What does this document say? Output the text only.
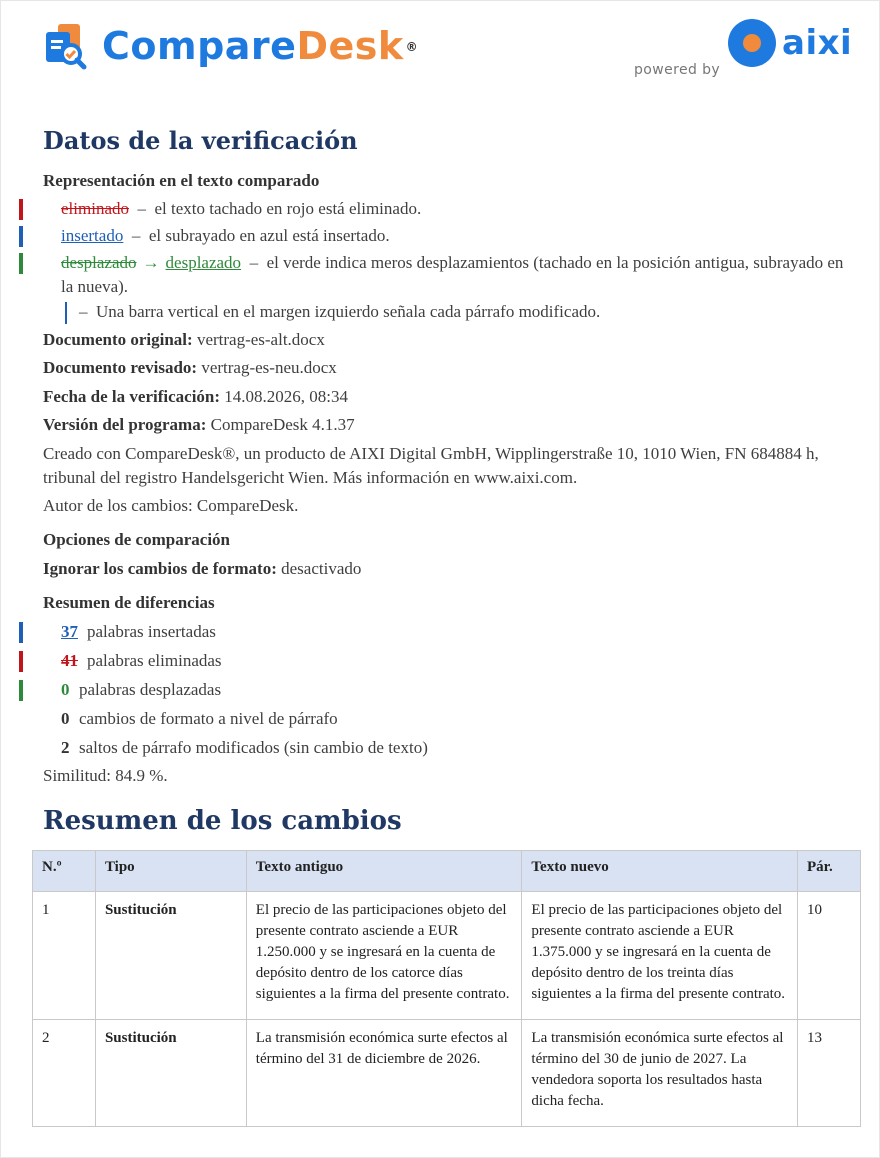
CompareDesk ®
powered by
aixi
Datos de la verificación
Representación en el texto comparado
eliminado – el texto tachado en rojo está eliminado.
insertado – el subrayado en azul está insertado.
desplazado → desplazado – el verde indica meros desplazamientos (tachado en la posición antigua, subrayado en la nueva).
– Una barra vertical en el margen izquierdo señala cada párrafo modificado.
Documento original: vertrag-es-alt.docx
Documento revisado: vertrag-es-neu.docx
Fecha de la verificación: 14.08.2026, 08:34
Versión del programa: CompareDesk 4.1.37
Creado con CompareDesk®, un producto de AIXI Digital GmbH, Wipplingerstraße 10, 1010 Wien, FN 684884 h, tribunal del registro Handelsgericht Wien. Más información en www.aixi.com.
Autor de los cambios: CompareDesk.
Opciones de comparación
Ignorar los cambios de formato: desactivado
Resumen de diferencias
37 palabras insertadas
41 palabras eliminadas
0 palabras desplazadas
0 cambios de formato a nivel de párrafo
2 saltos de párrafo modificados (sin cambio de texto)
Similitud: 84.9 %.
Resumen de los cambios
N.º	Tipo	Texto antiguo	Texto nuevo	Pár.
1	Sustitución	El precio de las participaciones objeto del presente contrato asciende a EUR 1.250.000 y se ingresará en la cuenta de depósito dentro de los catorce días siguientes a la firma del presente contrato.	El precio de las participaciones objeto del presente contrato asciende a EUR 1.375.000 y se ingresará en la cuenta de depósito dentro de los treinta días siguientes a la firma del presente contrato.	10
2	Sustitución	La transmisión económica surte efectos al término del 31 de diciembre de 2026.	La transmisión económica surte efectos al término del 30 de junio de 2027. La vendedora soporta los resultados hasta dicha fecha.	13
